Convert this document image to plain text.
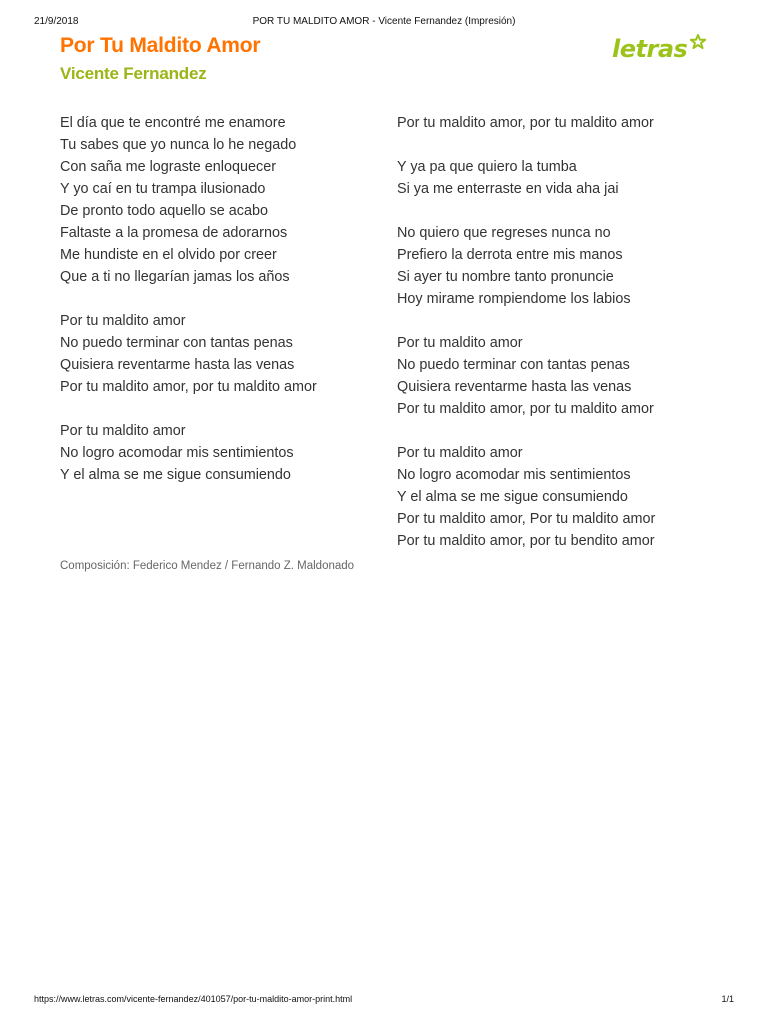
21/9/2018	POR TU MALDITO AMOR - Vicente Fernandez (Impresión)
Por Tu Maldito Amor
Vicente Fernandez
letras
El día que te encontré me enamore
Tu sabes que yo nunca lo he negado
Con saña me lograste enloquecer
Y yo caí en tu trampa ilusionado
De pronto todo aquello se acabo
Faltaste a la promesa de adorarnos
Me hundiste en el olvido por creer
Que a ti no llegarían jamas los años
Por tu maldito amor
No puedo terminar con tantas penas
Quisiera reventarme hasta las venas
Por tu maldito amor, por tu maldito amor
Por tu maldito amor
No logro acomodar mis sentimientos
Y el alma se me sigue consumiendo
Por tu maldito amor, por tu maldito amor
Y ya pa que quiero la tumba
Si ya me enterraste en vida aha jai
No quiero que regreses nunca no
Prefiero la derrota entre mis manos
Si ayer tu nombre tanto pronuncie
Hoy mirame rompiendome los labios
Por tu maldito amor
No puedo terminar con tantas penas
Quisiera reventarme hasta las venas
Por tu maldito amor, por tu maldito amor
Por tu maldito amor
No logro acomodar mis sentimientos
Y el alma se me sigue consumiendo
Por tu maldito amor, Por tu maldito amor
Por tu maldito amor, por tu bendito amor
Composición: Federico Mendez / Fernando Z. Maldonado
https://www.letras.com/vicente-fernandez/401057/por-tu-maldito-amor-print.html	1/1
